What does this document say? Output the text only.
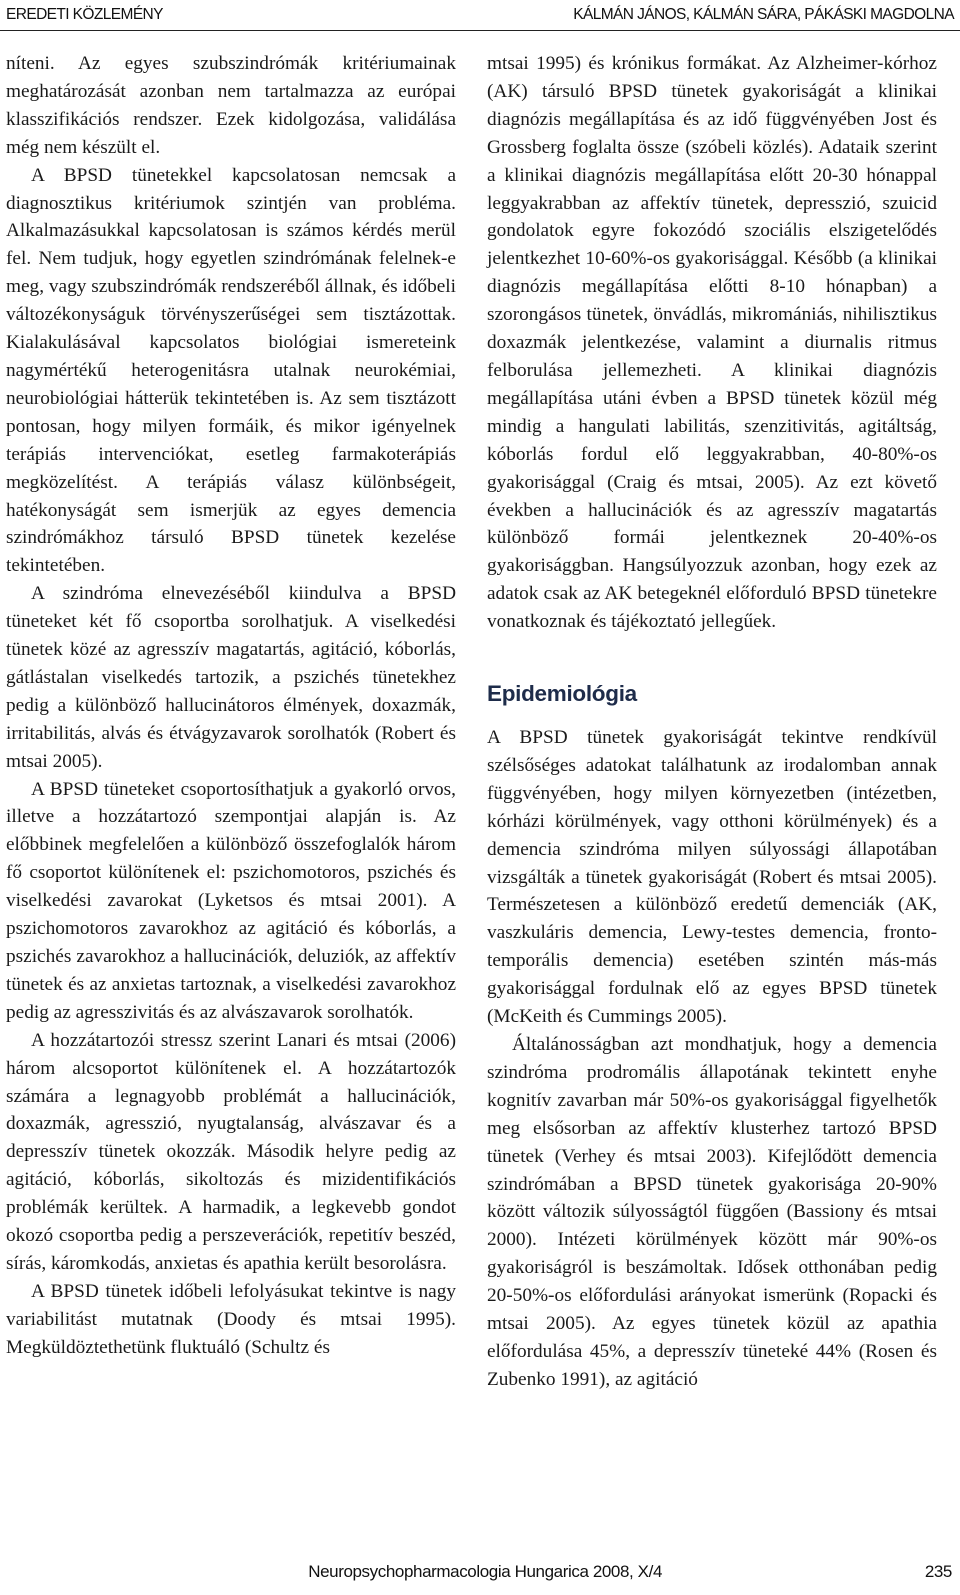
EREDETI KÖZLEMÉNY	KÁLMÁN JÁNOS, KÁLMÁN SÁRA, PÁKÁSKI MAGDOLNA

níteni. Az egyes szubszindrómák kritériumainak meghatározását azonban nem tartalmazza az európai klasszifikációs rendszer. Ezek kidolgozása, validálása még nem készült el.

A BPSD tünetekkel kapcsolatosan nemcsak a diagnosztikus kritériumok szintjén van probléma. Alkalmazásukkal kapcsolatosan is számos kérdés merül fel. Nem tudjuk, hogy egyetlen szindrómának felelnek-e meg, vagy szubszindrómák rendszeréből állnak, és időbeli változékonyságuk törvényszerűségei sem tisztázottak. Kialakulásával kapcsolatos biológiai ismereteink nagymértékű heterogenitásra utalnak neurokémiai, neurobiológiai hátterük tekintetében is. Az sem tisztázott pontosan, hogy milyen formáik, és mikor igényelnek terápiás intervenciókat, esetleg farmakoterápiás megközelítést. A terápiás válasz különbségeit, hatékonyságát sem ismerjük az egyes demencia szindrómákhoz társuló BPSD tünetek kezelése tekintetében.

A szindróma elnevezéséből kiindulva a BPSD tüneteket két fő csoportba sorolhatjuk. A viselkedési tünetek közé az agresszív magatartás, agitáció, kóborlás, gátlástalan viselkedés tartozik, a pszichés tünetekhez pedig a különböző hallucinátoros élmények, doxazmák, irritabilitás, alvás és étvágyzavarok sorolhatók (Robert és mtsai 2005).

A BPSD tüneteket csoportosíthatjuk a gyakorló orvos, illetve a hozzátartozó szempontjai alapján is. Az előbbinek megfelelően a különböző összefoglalók három fő csoportot különítenek el: pszichomotoros, pszichés és viselkedési zavarokat (Lyketsos és mtsai 2001). A pszichomotoros zavarokhoz az agitáció és kóborlás, a pszichés zavarokhoz a hallucinációk, deluziók, az affektív tünetek és az anxietas tartoznak, a viselkedési zavarokhoz pedig az agresszivitás és az alvászavarok sorolhatók.

A hozzátartozói stressz szerint Lanari és mtsai (2006) három alcsoportot különítenek el. A hozzátartozók számára a legnagyobb problémát a hallucinációk, doxazmák, agresszió, nyugtalanság, alvászavar és a depresszív tünetek okozzák. Második helyre pedig az agitáció, kóborlás, sikoltozás és mizidentifikációs problémák kerültek. A harmadik, a legkevebb gondot okozó csoportba pedig a perszeverációk, repetitív beszéd, sírás, káromkodás, anxietas és apathia került besorolásra.

A BPSD tünetek időbeli lefolyásukat tekintve is nagy variabilitást mutatnak (Doody és mtsai 1995). Megküldöztethetünk fluktuáló (Schultz és

mtsai 1995) és krónikus formákat. Az Alzheimer-kórhoz (AK) társuló BPSD tünetek gyakoriságát a klinikai diagnózis megállapítása és az idő függvényében Jost és Grossberg foglalta össze (szóbeli közlés). Adataik szerint a klinikai diagnózis megállapítása előtt 20-30 hónappal leggyakrabban az affektív tünetek, depresszió, szuicid gondolatok egyre fokozódó szociális elszigetelődés jelentkezhet 10-60%-os gyakorisággal. Később (a klinikai diagnózis megállapítása előtti 8-10 hónapban) a szorongásos tünetek, önvádlás, mikromániás, nihilisztikus doxazmák jelentkezése, valamint a diurnalis ritmus felborulása jellemezheti. A klinikai diagnózis megállapítása utáni évben a BPSD tünetek közül még mindig a hangulati labilitás, szenzitivitás, agitáltság, kóborlás fordul elő leggyakrabban, 40-80%-os gyakorisággal (Craig és mtsai, 2005). Az ezt követő években a hallucinációk és az agresszív magatartás különböző formái jelentkeznek 20-40%-os gyakorisággban. Hangsúlyozzuk azonban, hogy ezek az adatok csak az AK betegeknél előforduló BPSD tünetekre vonatkoznak és tájékoztató jellegűek.

Epidemiológia

A BPSD tünetek gyakoriságát tekintve rendkívül szélsőséges adatokat találhatunk az irodalomban annak függvényében, hogy milyen környezetben (intézetben, kórházi körülmények, vagy otthoni körülmények) és a demencia szindróma milyen súlyossági állapotában vizsgálták a tünetek gyakoriságát (Robert és mtsai 2005). Természetesen a különböző eredetű demenciák (AK, vaszkuláris demencia, Lewy-testes demencia, fronto-temporális demencia) esetében szintén más-más gyakorisággal fordulnak elő az egyes BPSD tünetek (McKeith és Cummings 2005).

Általánosságban azt mondhatjuk, hogy a demencia szindróma prodromális állapotának tekintett enyhe kognitív zavarban már 50%-os gyakorisággal figyelhetők meg elsősorban az affektív klusterhez tartozó BPSD tünetek (Verhey és mtsai 2003). Kifejlődött demencia szindrómában a BPSD tünetek gyakorisága 20-90% között változik súlyosságtól függően (Bassiony és mtsai 2000). Intézeti körülmények között már 90%-os gyakoriságról is beszámoltak. Idősek otthonában pedig 20-50%-os előfordulási arányokat ismerünk (Ropacki és mtsai 2005). Az egyes tünetek közül az apathia előfordulása 45%, a depresszív tüneteké 44% (Rosen és Zubenko 1991), az agitáció

Neuropsychopharmacologia Hungarica 2008, X/4	235
